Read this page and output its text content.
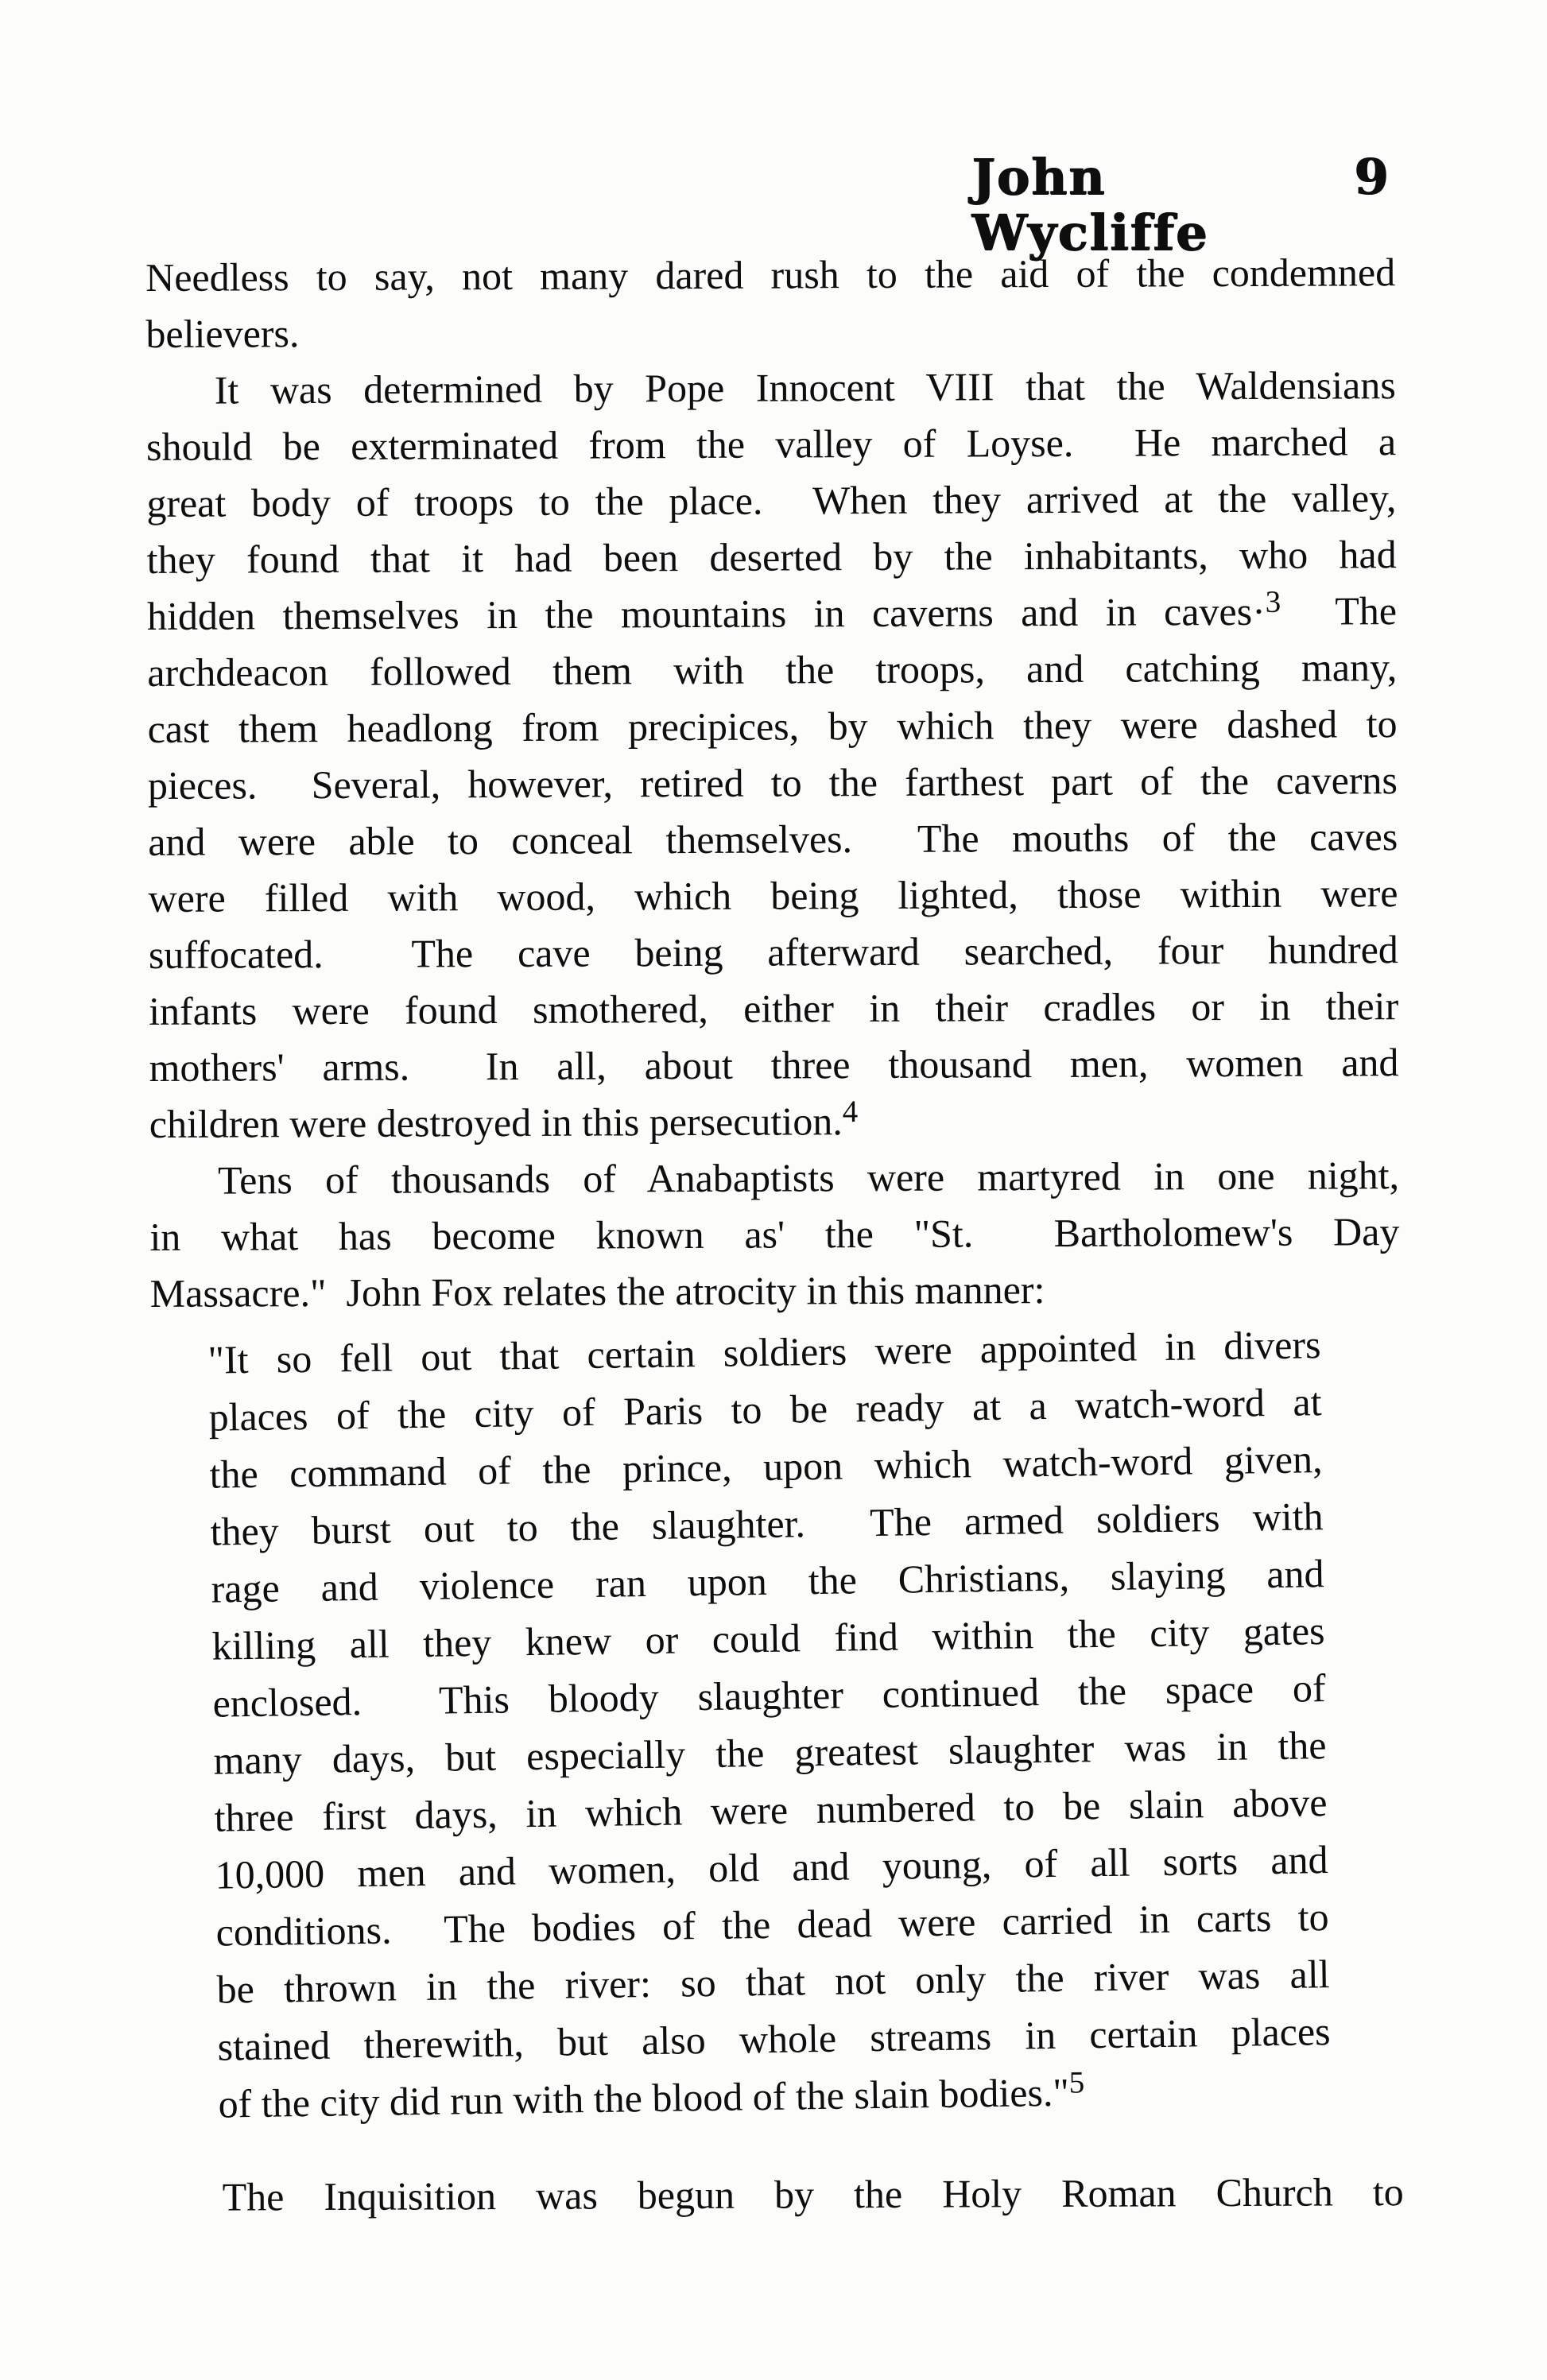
John Wycliffe
9
Needless to say, not many dared rush to the aid of the condemned
believers.
It was determined by Pope Innocent VIII that the Waldensians
should be exterminated from the valley of Loyse.  He marched a
great body of troops to the place.  When they arrived at the valley,
they found that it had been deserted by the inhabitants, who had
hidden themselves in the mountains in caverns and in caves·$^3$  The
archdeacon followed them with the troops, and catching many,
cast them headlong from precipices, by which they were dashed to
pieces.  Several, however, retired to the farthest part of the caverns
and were able to conceal themselves.  The mouths of the caves
were filled with wood, which being lighted, those within were
suffocated.  The cave being afterward searched, four hundred
infants were found smothered, either in their cradles or in their
mothers' arms.  In all, about three thousand men, women and
children were destroyed in this persecution.$^4$
Tens of thousands of Anabaptists were martyred in one night,
in what has become known as' the "St.  Bartholomew's Day
Massacre."  John Fox relates the atrocity in this manner:
"It so fell out that certain soldiers were appointed in divers
places of the city of Paris to be ready at a watch-word at
the command of the prince, upon which watch-word given,
they burst out to the slaughter.  The armed soldiers with
rage and violence ran upon the Christians, slaying and
killing all they knew or could find within the city gates
enclosed.  This bloody slaughter continued the space of
many days, but especially the greatest slaughter was in the
three first days, in which were numbered to be slain above
10,000 men and women, old and young, of all sorts and
conditions.  The bodies of the dead were carried in carts to
be thrown in the river: so that not only the river was all
stained therewith, but also whole streams in certain places
of the city did run with the blood of the slain bodies."$^5$
The Inquisition was begun by the Holy Roman Church to
